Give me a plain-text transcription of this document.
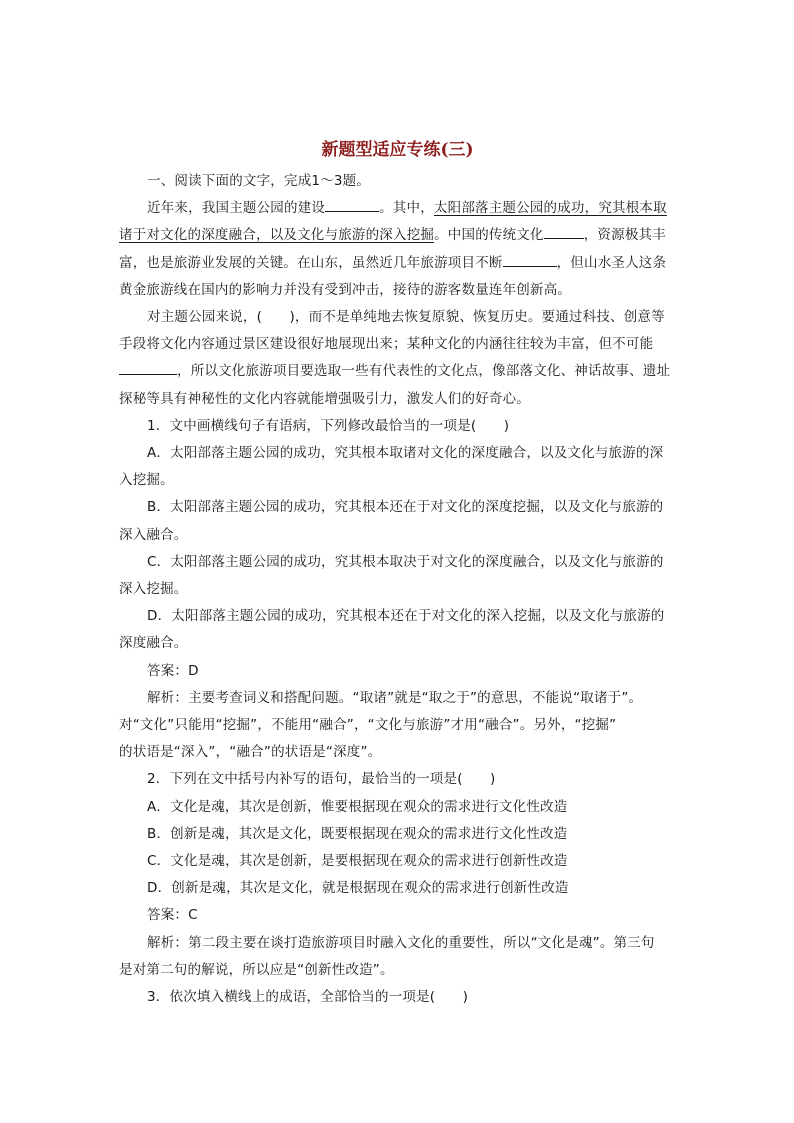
新题型适应专练(三)
一、阅读下面的文字，完成1～3题。
近年来，我国主题公园的建设	。其中，太阳部落主题公园的成功，究其根本取
诸于对文化的深度融合，以及文化与旅游的深入挖掘。中国的传统文化	，资源极其丰
富，也是旅游业发展的关键。在山东，虽然近几年旅游项目不断	，但山水圣人这条
黄金旅游线在国内的影响力并没有受到冲击，接待的游客数量连年创新高。
对主题公园来说，(　　)，而不是单纯地去恢复原貌、恢复历史。要通过科技、创意等
手段将文化内容通过景区建设很好地展现出来；某种文化的内涵往往较为丰富，但不可能
，所以文化旅游项目要选取一些有代表性的文化点，像部落文化、神话故事、遗址
探秘等具有神秘性的文化内容就能增强吸引力，激发人们的好奇心。
1．文中画横线句子有语病，下列修改最恰当的一项是(　　)
A．太阳部落主题公园的成功，究其根本取诸对文化的深度融合，以及文化与旅游的深
入挖掘。
B．太阳部落主题公园的成功，究其根本还在于对文化的深度挖掘，以及文化与旅游的
深入融合。
C．太阳部落主题公园的成功，究其根本取决于对文化的深度融合，以及文化与旅游的
深入挖掘。
D．太阳部落主题公园的成功，究其根本还在于对文化的深入挖掘，以及文化与旅游的
深度融合。
答案：D
解析：主要考查词义和搭配问题。“取诸”就是“取之于”的意思，不能说“取诸于”。
对“文化”只能用“挖掘”，不能用“融合”，“文化与旅游”才用“融合”。另外，“挖掘”
的状语是“深入”，“融合”的状语是“深度”。
2．下列在文中括号内补写的语句，最恰当的一项是(　　)
A．文化是魂，其次是创新，惟要根据现在观众的需求进行文化性改造
B．创新是魂，其次是文化，既要根据现在观众的需求进行文化性改造
C．文化是魂，其次是创新，是要根据现在观众的需求进行创新性改造
D．创新是魂，其次是文化，就是根据现在观众的需求进行创新性改造
答案：C
解析：第二段主要在谈打造旅游项目时融入文化的重要性，所以“文化是魂”。第三句
是对第二句的解说，所以应是“创新性改造”。
3．依次填入横线上的成语，全部恰当的一项是(　　)
